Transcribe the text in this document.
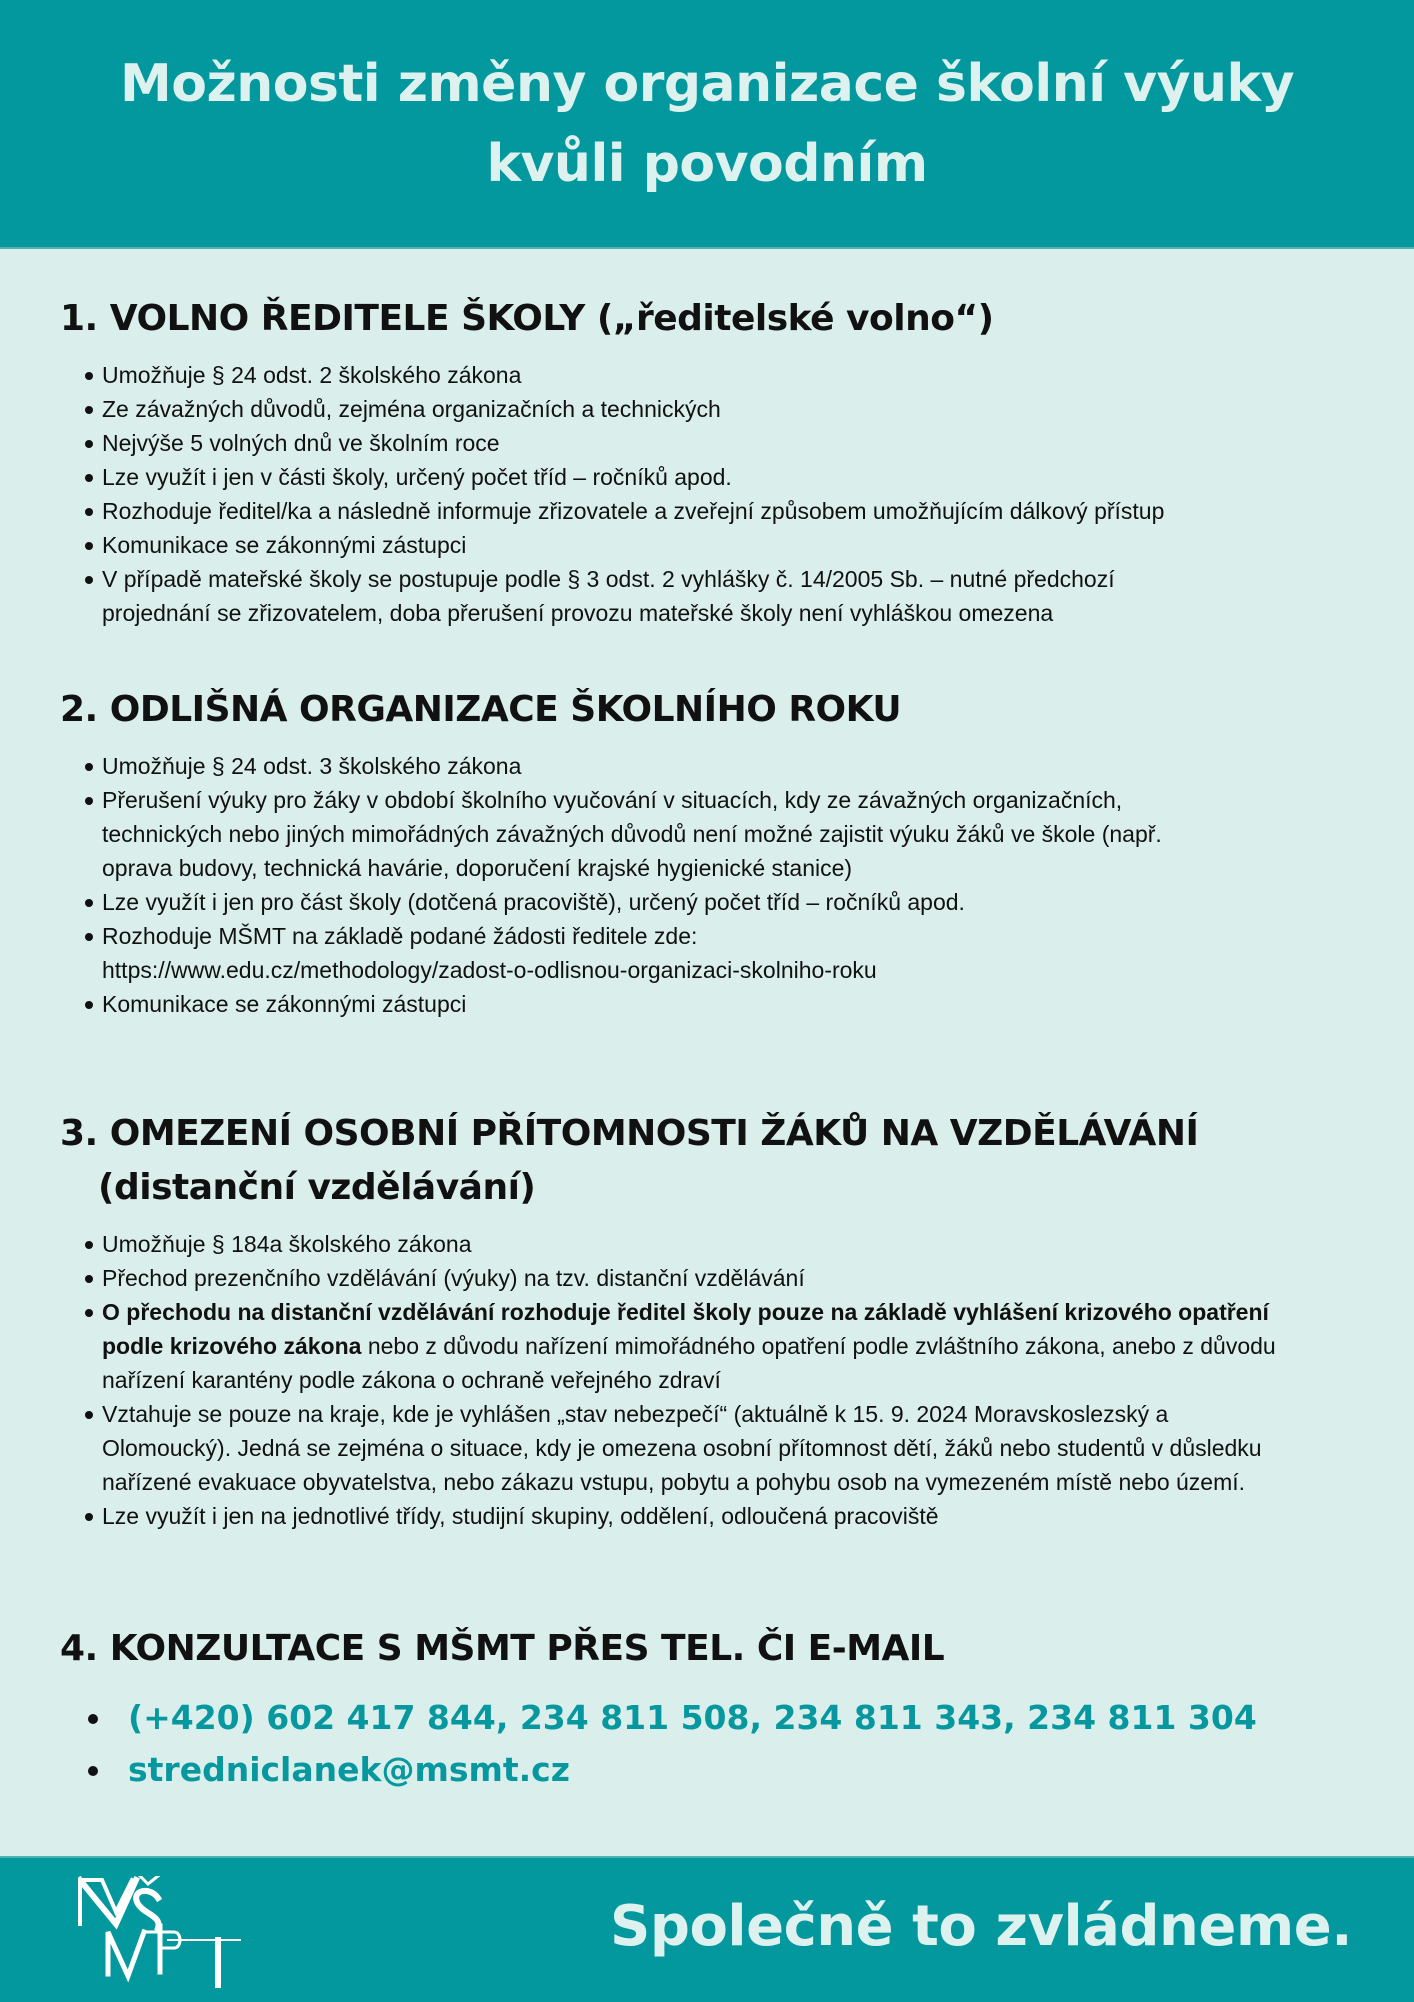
Možnosti změny organizace školní výuky kvůli povodním
1. VOLNO ŘEDITELE ŠKOLY („ředitelské volno“)
Umožňuje § 24 odst. 2 školského zákona
Ze závažných důvodů, zejména organizačních a technických
Nejvýše 5 volných dnů ve školním roce
Lze využít i jen v části školy, určený počet tříd – ročníků apod.
Rozhoduje ředitel/ka a následně informuje zřizovatele a zveřejní způsobem umožňujícím dálkový přístup
Komunikace se zákonnými zástupci
V případě mateřské školy se postupuje podle § 3 odst. 2 vyhlášky č. 14/2005 Sb. – nutné předchozí projednání se zřizovatelem, doba přerušení provozu mateřské školy není vyhláškou omezena
2. ODLIŠNÁ ORGANIZACE ŠKOLNÍHO ROKU
Umožňuje § 24 odst. 3 školského zákona
Přerušení výuky pro žáky v období školního vyučování v situacích, kdy ze závažných organizačních, technických nebo jiných mimořádných závažných důvodů není možné zajistit výuku žáků ve škole (např. oprava budovy, technická havárie, doporučení krajské hygienické stanice)
Lze využít i jen pro část školy (dotčená pracoviště), určený počet tříd – ročníků apod.
Rozhoduje MŠMT na základě podané žádosti ředitele zde:
https://www.edu.cz/methodology/zadost-o-odlisnou-organizaci-skolniho-roku
Komunikace se zákonnými zástupci
3. OMEZENÍ OSOBNÍ PŘÍTOMNOSTI ŽÁKŮ NA VZDĚLÁVÁNÍ
(distanční vzdělávání)
Umožňuje § 184a školského zákona
Přechod prezenčního vzdělávání (výuky) na tzv. distanční vzdělávání
O přechodu na distanční vzdělávání rozhoduje ředitel školy pouze na základě vyhlášení krizového opatření podle krizového zákona nebo z důvodu nařízení mimořádného opatření podle zvláštního zákona, anebo z důvodu nařízení karantény podle zákona o ochraně veřejného zdraví
Vztahuje se pouze na kraje, kde je vyhlášen „stav nebezpečí“ (aktuálně k 15. 9. 2024 Moravskoslezský a Olomoucký). Jedná se zejména o situace, kdy je omezena osobní přítomnost dětí, žáků nebo studentů v důsledku nařízené evakuace obyvatelstva, nebo zákazu vstupu, pobytu a pohybu osob na vymezeném místě nebo území.
Lze využít i jen na jednotlivé třídy, studijní skupiny, oddělení, odloučená pracoviště
4. KONZULTACE S MŠMT PŘES TEL. ČI E-MAIL
(+420) 602 417 844, 234 811 508, 234 811 343, 234 811 304
stredniclanek@msmt.cz
Společně to zvládneme.
